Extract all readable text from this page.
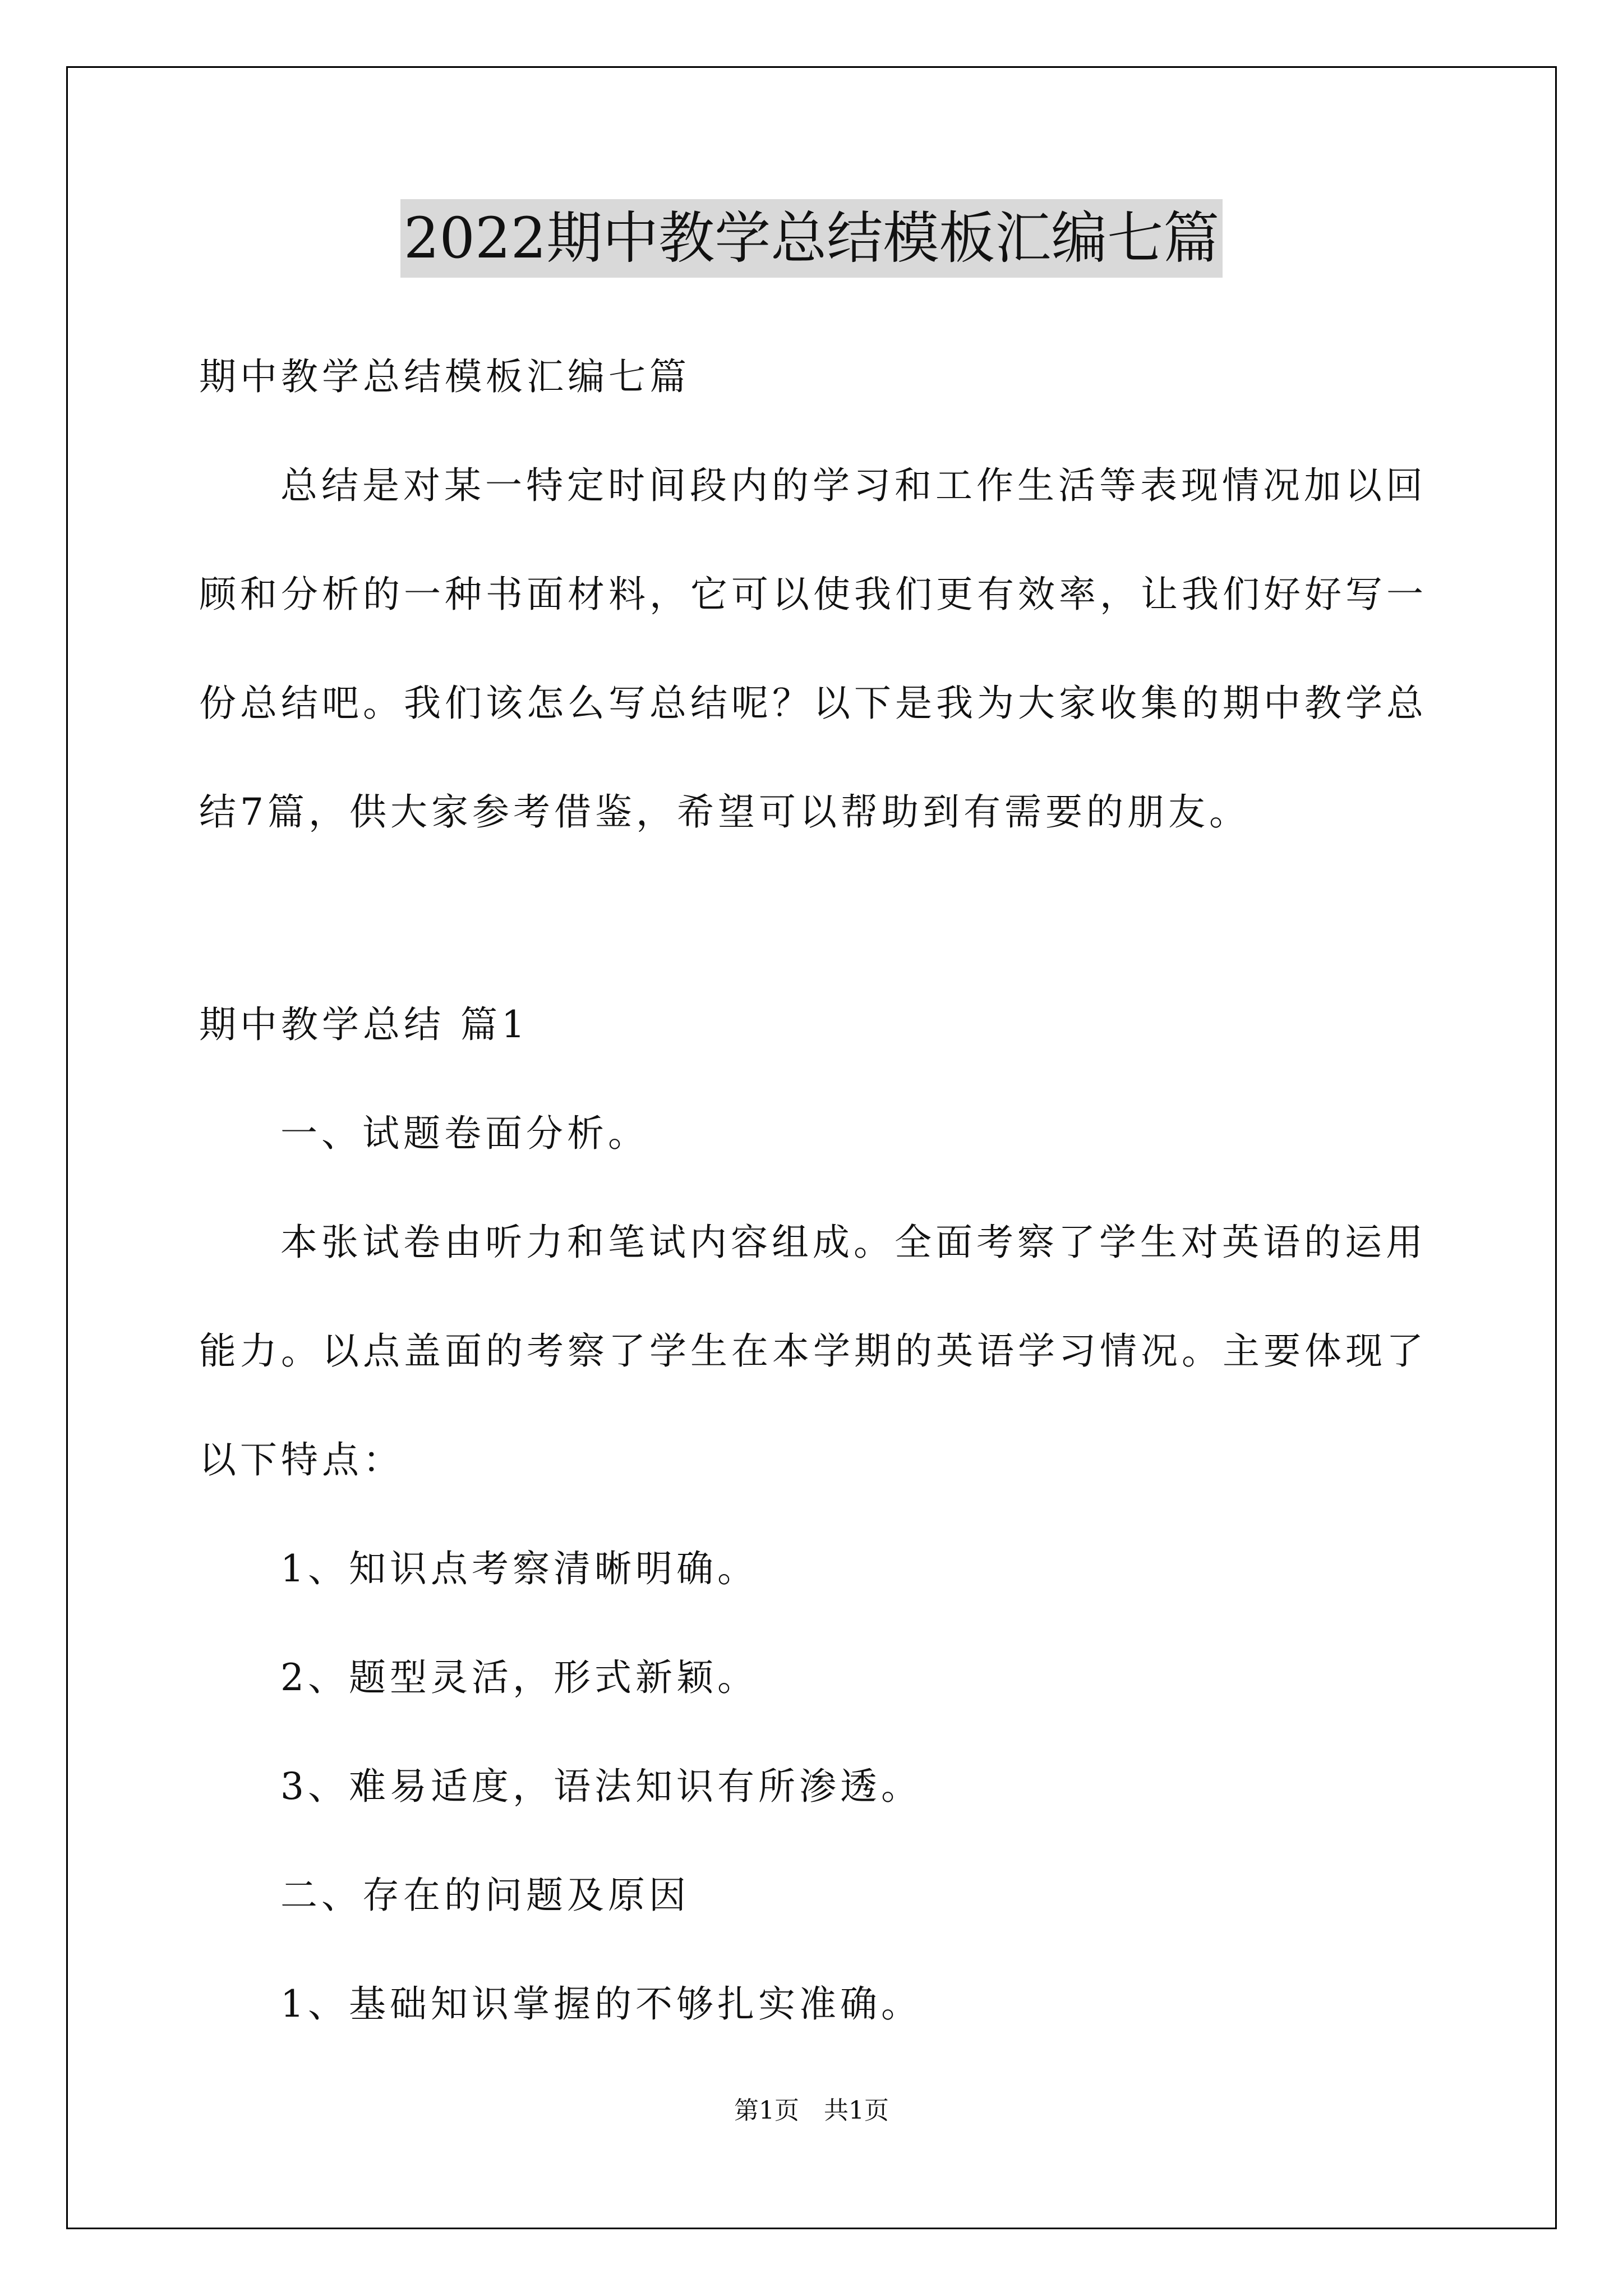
2022期中教学总结模板汇编七篇
期中教学总结模板汇编七篇
总结是对某一特定时间段内的学习和工作生活等表现情况加以回
顾和分析的一种书面材料，它可以使我们更有效率，让我们好好写一
份总结吧。我们该怎么写总结呢？以下是我为大家收集的期中教学总
结7篇，供大家参考借鉴，希望可以帮助到有需要的朋友。
期中教学总结 篇1
一、试题卷面分析。
本张试卷由听力和笔试内容组成。全面考察了学生对英语的运用
能力。以点盖面的考察了学生在本学期的英语学习情况。主要体现了
以下特点：
1、知识点考察清晰明确。
2、题型灵活，形式新颖。
3、难易适度，语法知识有所渗透。
二、存在的问题及原因
1、基础知识掌握的不够扎实准确。
第1页 共1页
